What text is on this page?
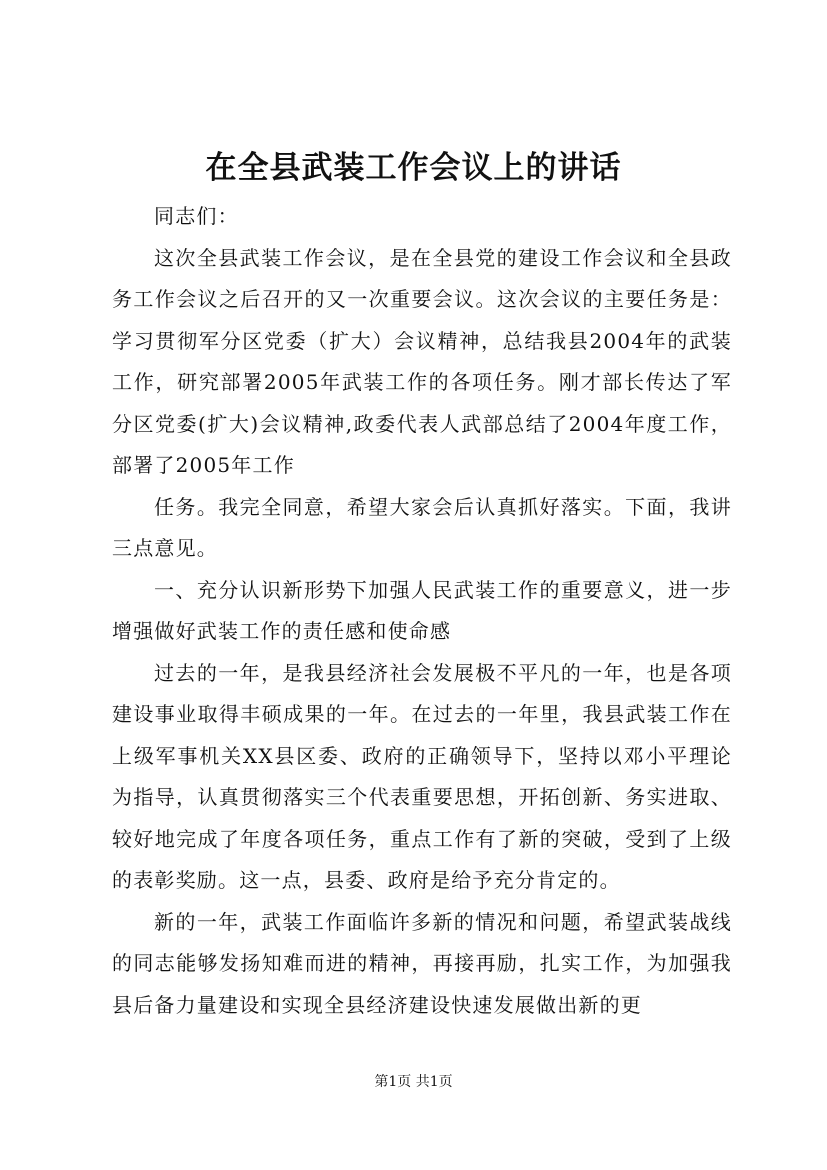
在全县武装工作会议上的讲话

同志们：

这次全县武装工作会议，是在全县党的建设工作会议和全县政务工作会议之后召开的又一次重要会议。这次会议的主要任务是：学习贯彻军分区党委（扩大）会议精神，总结我县2004年的武装工作，研究部署2005年武装工作的各项任务。刚才部长传达了军分区党委(扩大)会议精神,政委代表人武部总结了2004年度工作，部署了2005年工作

任务。我完全同意，希望大家会后认真抓好落实。下面，我讲三点意见。

一、充分认识新形势下加强人民武装工作的重要意义，进一步增强做好武装工作的责任感和使命感

过去的一年，是我县经济社会发展极不平凡的一年，也是各项建设事业取得丰硕成果的一年。在过去的一年里，我县武装工作在上级军事机关XX县区委、政府的正确领导下，坚持以邓小平理论为指导，认真贯彻落实三个代表重要思想，开拓创新、务实进取、较好地完成了年度各项任务，重点工作有了新的突破，受到了上级的表彰奖励。这一点，县委、政府是给予充分肯定的。

新的一年，武装工作面临许多新的情况和问题，希望武装战线的同志能够发扬知难而进的精神，再接再励，扎实工作，为加强我县后备力量建设和实现全县经济建设快速发展做出新的更

第1页 共1页
